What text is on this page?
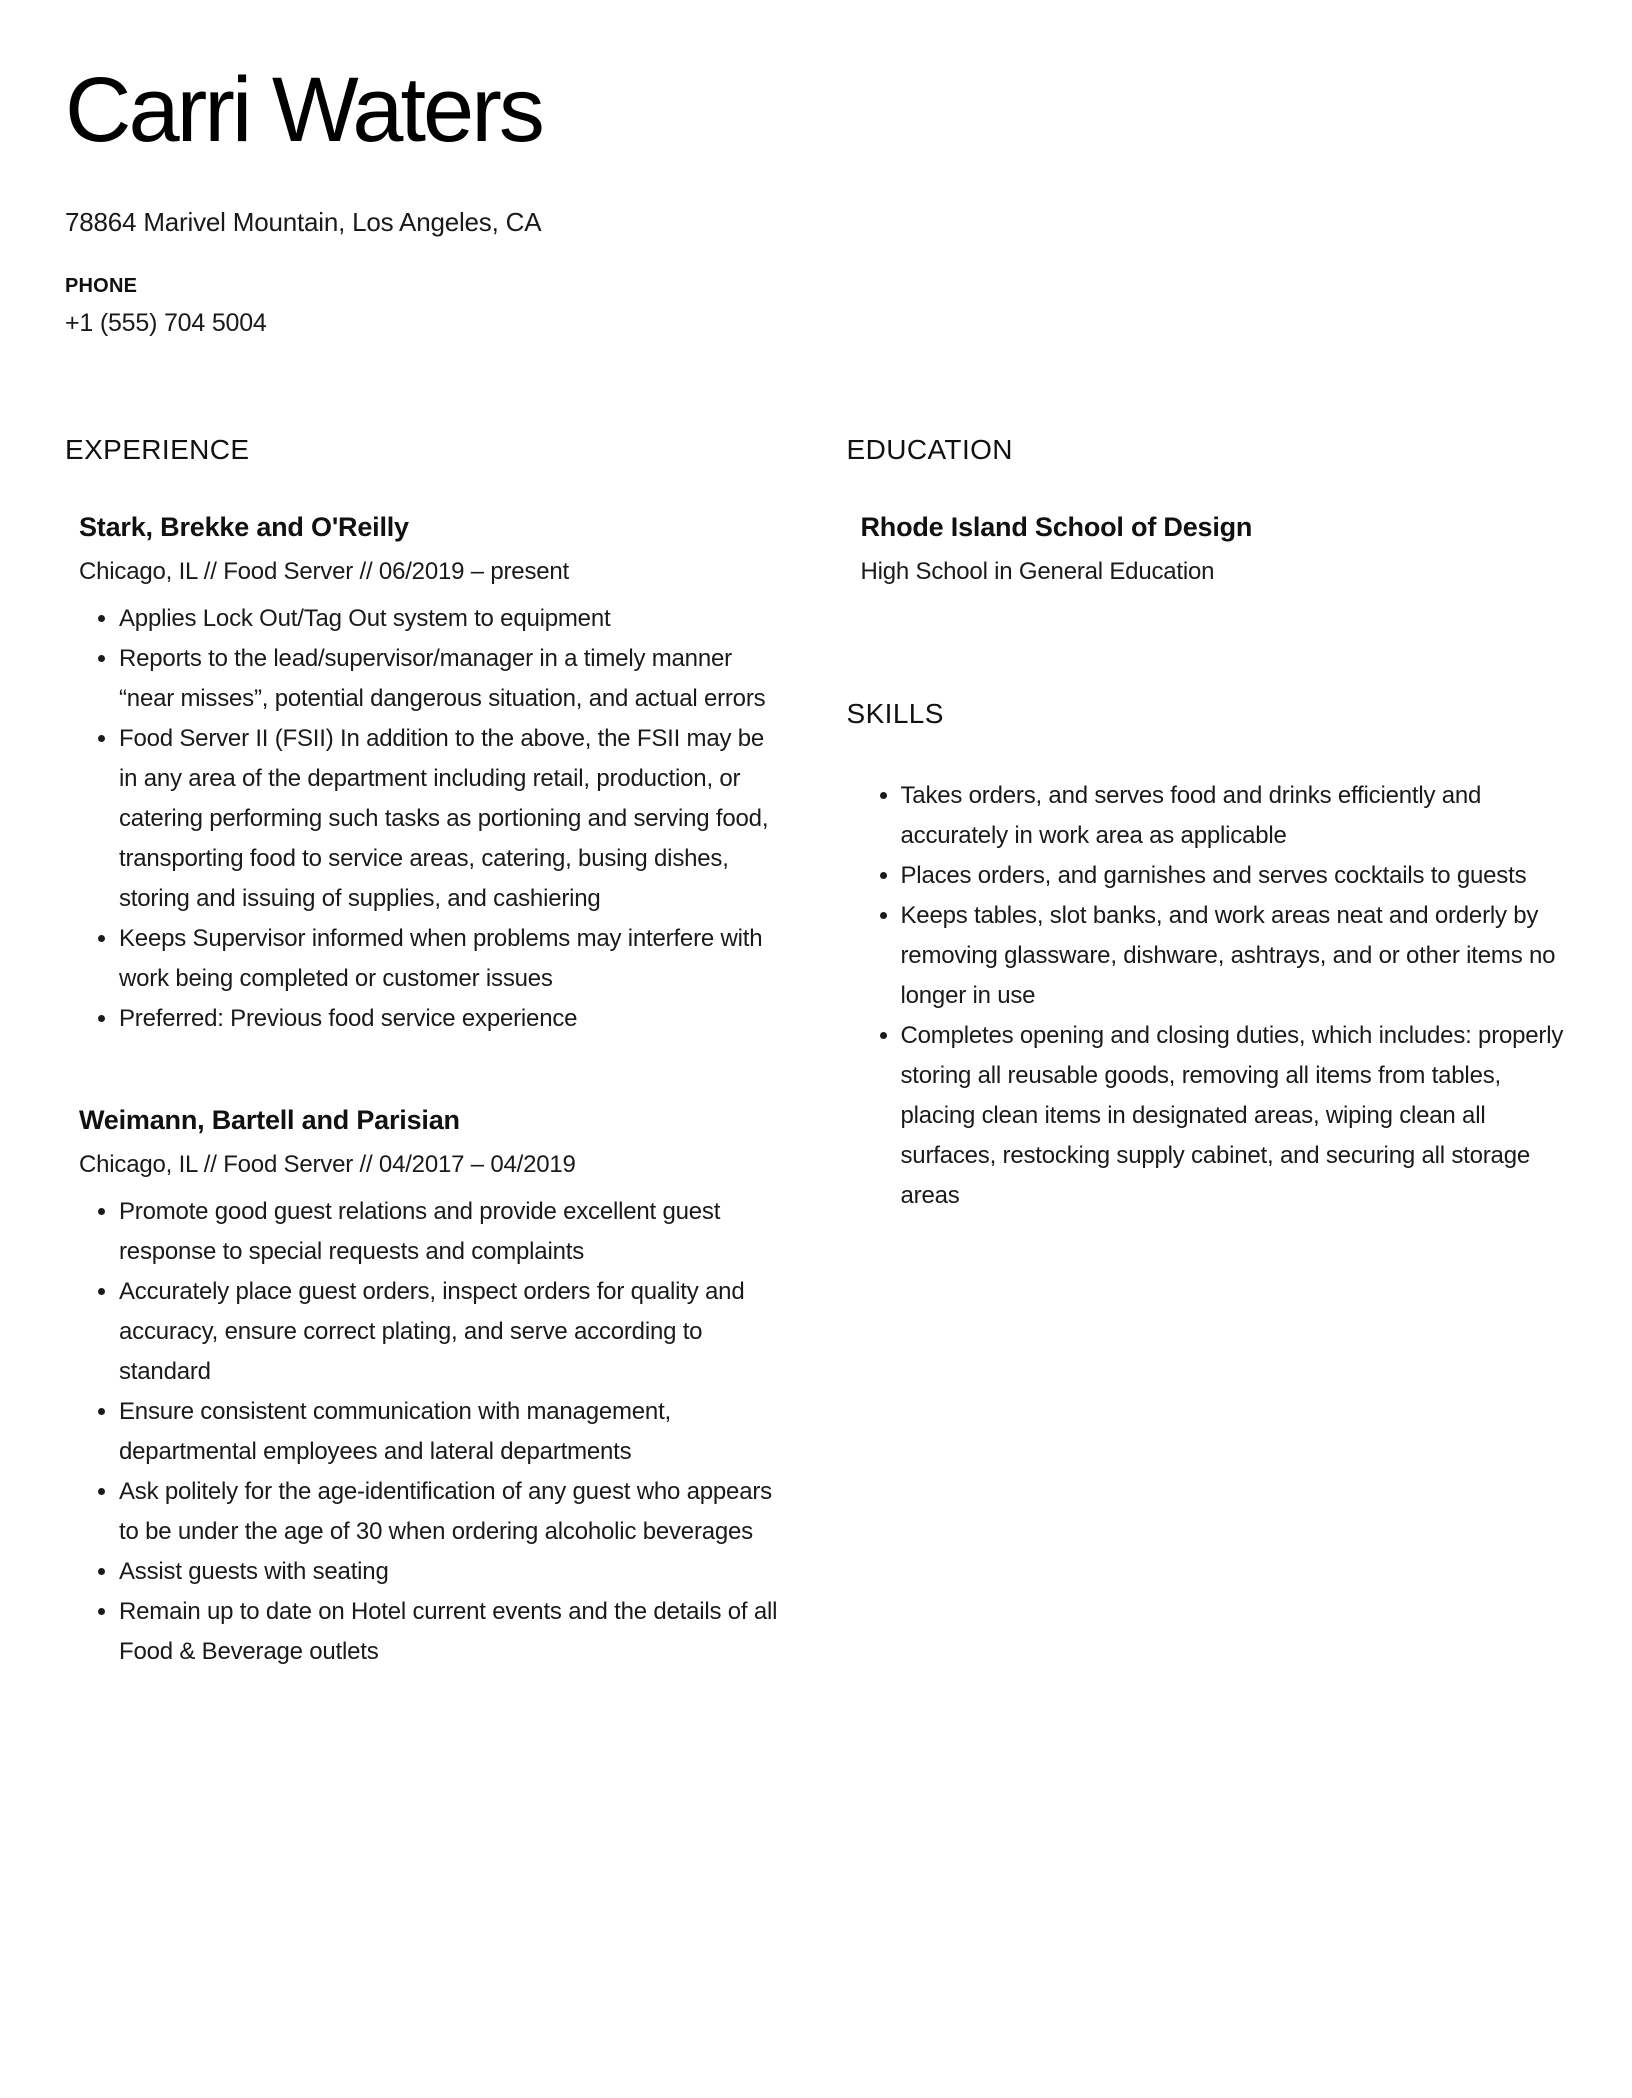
Carri Waters
78864 Marivel Mountain, Los Angeles, CA
PHONE
+1 (555) 704 5004
EXPERIENCE
Stark, Brekke and O'Reilly
Chicago, IL // Food Server // 06/2019 – present
• Applies Lock Out/Tag Out system to equipment
• Reports to the lead/supervisor/manager in a timely manner “near misses”, potential dangerous situation, and actual errors
• Food Server II (FSII) In addition to the above, the FSII may be in any area of the department including retail, production, or catering performing such tasks as portioning and serving food, transporting food to service areas, catering, busing dishes, storing and issuing of supplies, and cashiering
• Keeps Supervisor informed when problems may interfere with work being completed or customer issues
• Preferred: Previous food service experience
Weimann, Bartell and Parisian
Chicago, IL // Food Server // 04/2017 – 04/2019
• Promote good guest relations and provide excellent guest response to special requests and complaints
• Accurately place guest orders, inspect orders for quality and accuracy, ensure correct plating, and serve according to standard
• Ensure consistent communication with management, departmental employees and lateral departments
• Ask politely for the age-identification of any guest who appears to be under the age of 30 when ordering alcoholic beverages
• Assist guests with seating
• Remain up to date on Hotel current events and the details of all Food & Beverage outlets
EDUCATION
Rhode Island School of Design
High School in General Education
SKILLS
• Takes orders, and serves food and drinks efficiently and accurately in work area as applicable
• Places orders, and garnishes and serves cocktails to guests
• Keeps tables, slot banks, and work areas neat and orderly by removing glassware, dishware, ashtrays, and or other items no longer in use
• Completes opening and closing duties, which includes: properly storing all reusable goods, removing all items from tables, placing clean items in designated areas, wiping clean all surfaces, restocking supply cabinet, and securing all storage areas
